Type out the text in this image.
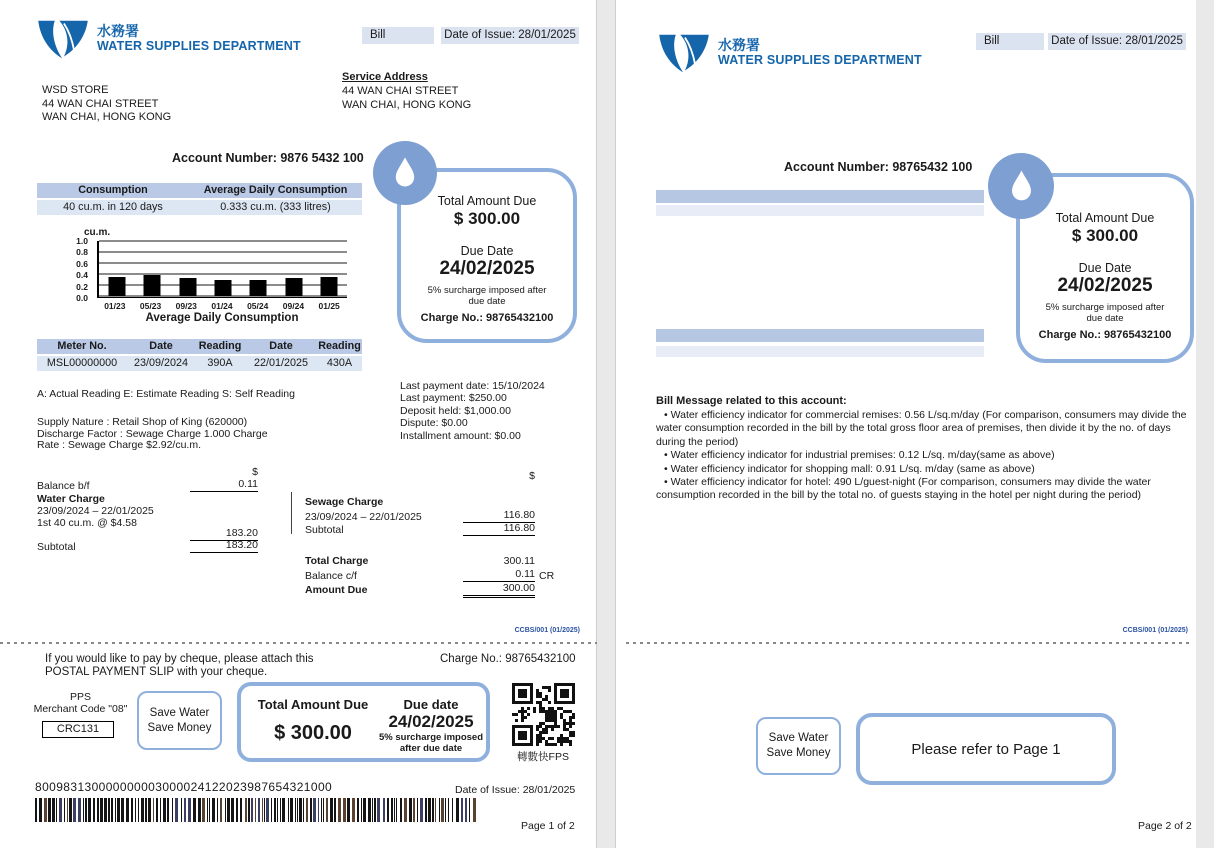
水務署
WATER SUPPLIES DEPARTMENT
Bill	Date of Issue: 28/01/2025
WSD STORE
44 WAN CHAI STREET
WAN CHAI, HONG KONG
Service Address
44 WAN CHAI STREET
WAN CHAI, HONG KONG
Account Number: 9876 5432 100
Consumption	Average Daily Consumption
40 cu.m. in 120 days	0.333 cu.m. (333 litres)
cu.m.
0.0
0.2
0.4
0.6
0.8
1.0
01/23 05/23 09/23 01/24 05/24 09/24 01/25
Average Daily Consumption
Meter No.	Date	Reading	Date	Reading
MSL00000000	23/09/2024	390A	22/01/2025	430A
A: Actual Reading E: Estimate Reading S: Self Reading
Supply Nature : Retail Shop of King (620000)
Discharge Factor : Sewage Charge 1.000 Charge
Rate : Sewage Charge $2.92/cu.m.
Last payment date: 15/10/2024
Last payment: $250.00
Deposit held: $1,000.00
Dispute: $0.00
Installment amount: $0.00
Total Amount Due
$ 300.00
Due Date
24/02/2025
5% surcharge imposed after due date
Charge No.: 98765432100
$
Balance b/f	0.11
Water Charge
23/09/2024 – 22/01/2025
1st 40 cu.m. @ $4.58
183.20
Subtotal	183.20
$
Sewage Charge
23/09/2024 – 22/01/2025	116.80
Subtotal	116.80
Total Charge	300.11
Balance c/f	0.11 CR
Amount Due	300.00
CCBS/001 (01/2025)
If you would like to pay by cheque, please attach this
POSTAL PAYMENT SLIP with your cheque.
Charge No.: 98765432100
PPS
Merchant Code "08"
CRC131
Save Water
Save Money
Total Amount Due
$ 300.00
Due date
24/02/2025
5% surcharge imposed after due date
轉數快FPS
800983130000000003000024122023987654321000	Date of Issue: 28/01/2025
Page 1 of 2
水務署
WATER SUPPLIES DEPARTMENT
Bill	Date of Issue: 28/01/2025
Account Number: 98765432 100
Total Amount Due
$ 300.00
Due Date
24/02/2025
5% surcharge imposed after due date
Charge No.: 98765432100
Bill Message related to this account:
• Water efficiency indicator for commercial remises: 0.56 L/sq.m/day (For comparison, consumers may divide the water consumption recorded in the bill by the total gross floor area of premises, then divide it by the no. of days during the period)
• Water efficiency indicator for industrial premises: 0.12 L/sq. m/day(same as above)
• Water efficiency indicator for shopping mall: 0.91 L/sq. m/day (same as above)
• Water efficiency indicator for hotel: 490 L/guest-night (For comparison, consumers may divide the water consumption recorded in the bill by the total no. of guests staying in the hotel per night during the period)
CCBS/001 (01/2025)
Save Water
Save Money	Please refer to Page 1
Page 2 of 2
